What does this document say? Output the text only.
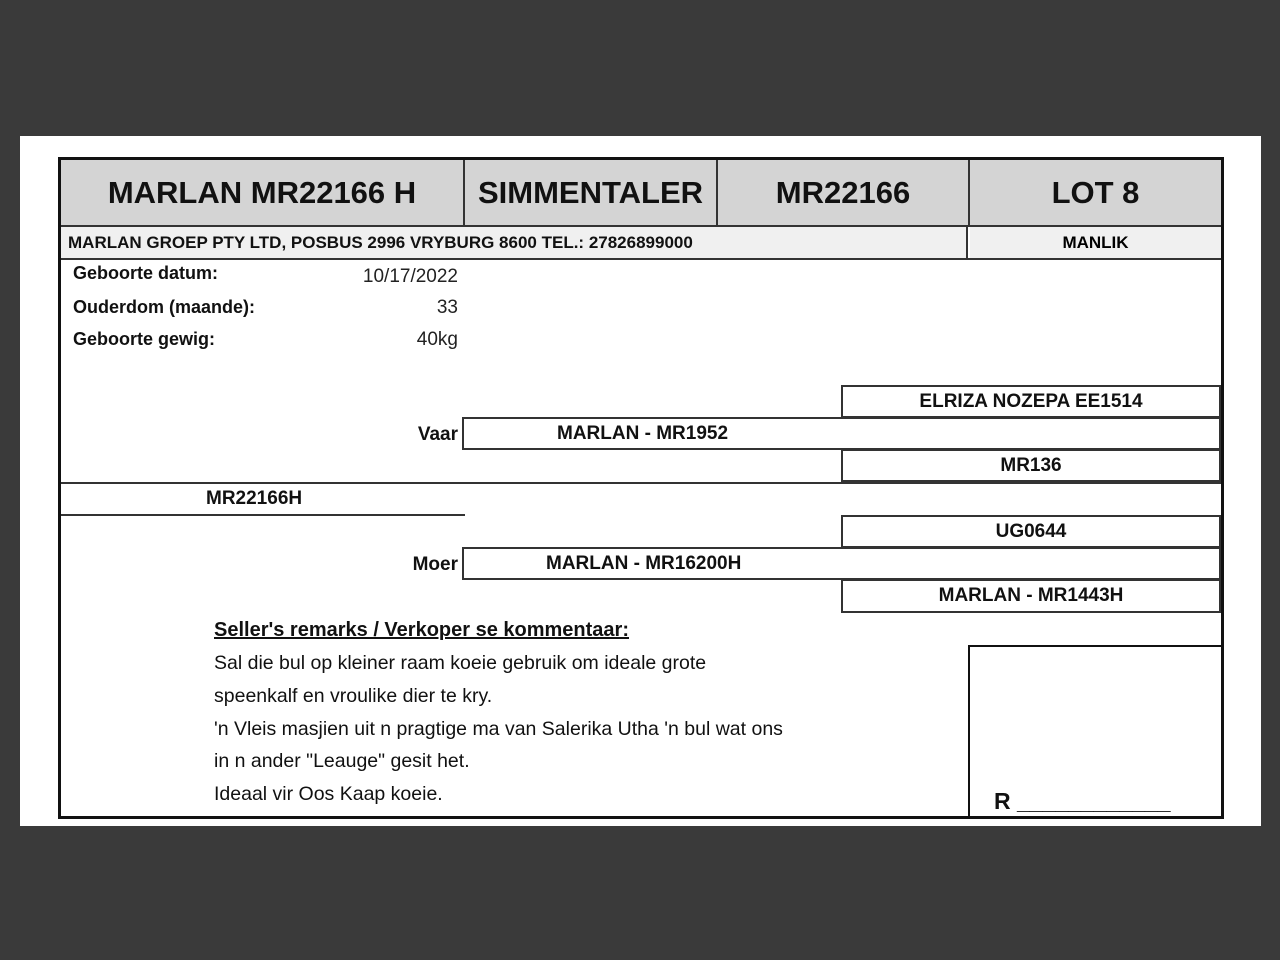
MARLAN MR22166 H	SIMMENTALER	MR22166	LOT 8
MARLAN GROEP PTY LTD, POSBUS 2996 VRYBURG 8600 TEL.: 27826899000	MANLIK
Geboorte datum:	10/17/2022
Ouderdom (maande):	33
Geboorte gewig:	40kg
ELRIZA NOZEPA EE1514
Vaar	MARLAN - MR1952
MR136
MR22166H
UG0644
Moer	MARLAN - MR16200H
MARLAN - MR1443H
Seller's remarks / Verkoper se kommentaar:
Sal die bul op kleiner raam koeie gebruik om ideale grote
speenkalf en vroulike dier te kry.
'n Vleis masjien uit n pragtige ma van Salerika Utha 'n bul wat ons
in n ander "Leauge" gesit het.
Ideaal vir Oos Kaap koeie.	R ____________
